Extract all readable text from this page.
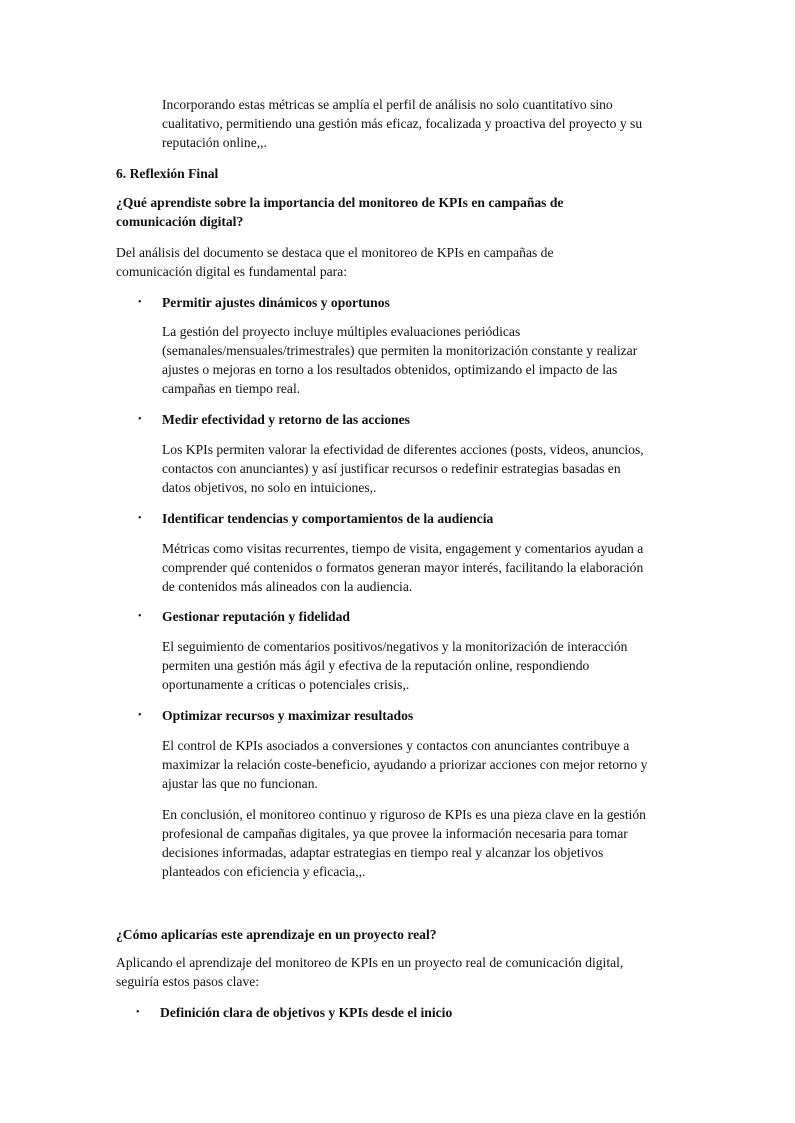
Incorporando estas métricas se amplía el perfil de análisis no solo cuantitativo sino cualitativo, permitiendo una gestión más eficaz, focalizada y proactiva del proyecto y su reputación online,,.

6. Reflexión Final

¿Qué aprendiste sobre la importancia del monitoreo de KPIs en campañas de comunicación digital?

Del análisis del documento se destaca que el monitoreo de KPIs en campañas de comunicación digital es fundamental para:

• Permitir ajustes dinámicos y oportunos

La gestión del proyecto incluye múltiples evaluaciones periódicas (semanales/mensuales/trimestrales) que permiten la monitorización constante y realizar ajustes o mejoras en torno a los resultados obtenidos, optimizando el impacto de las campañas en tiempo real.

• Medir efectividad y retorno de las acciones

Los KPIs permiten valorar la efectividad de diferentes acciones (posts, videos, anuncios, contactos con anunciantes) y así justificar recursos o redefinir estrategias basadas en datos objetivos, no solo en intuiciones,.

• Identificar tendencias y comportamientos de la audiencia

Métricas como visitas recurrentes, tiempo de visita, engagement y comentarios ayudan a comprender qué contenidos o formatos generan mayor interés, facilitando la elaboración de contenidos más alineados con la audiencia.

• Gestionar reputación y fidelidad

El seguimiento de comentarios positivos/negativos y la monitorización de interacción permiten una gestión más ágil y efectiva de la reputación online, respondiendo oportunamente a críticas o potenciales crisis,.

• Optimizar recursos y maximizar resultados

El control de KPIs asociados a conversiones y contactos con anunciantes contribuye a maximizar la relación coste-beneficio, ayudando a priorizar acciones con mejor retorno y ajustar las que no funcionan.

En conclusión, el monitoreo continuo y riguroso de KPIs es una pieza clave en la gestión profesional de campañas digitales, ya que provee la información necesaria para tomar decisiones informadas, adaptar estrategias en tiempo real y alcanzar los objetivos planteados con eficiencia y eficacia,,.

¿Cómo aplicarías este aprendizaje en un proyecto real?

Aplicando el aprendizaje del monitoreo de KPIs en un proyecto real de comunicación digital, seguiría estos pasos clave:

• Definición clara de objetivos y KPIs desde el inicio
